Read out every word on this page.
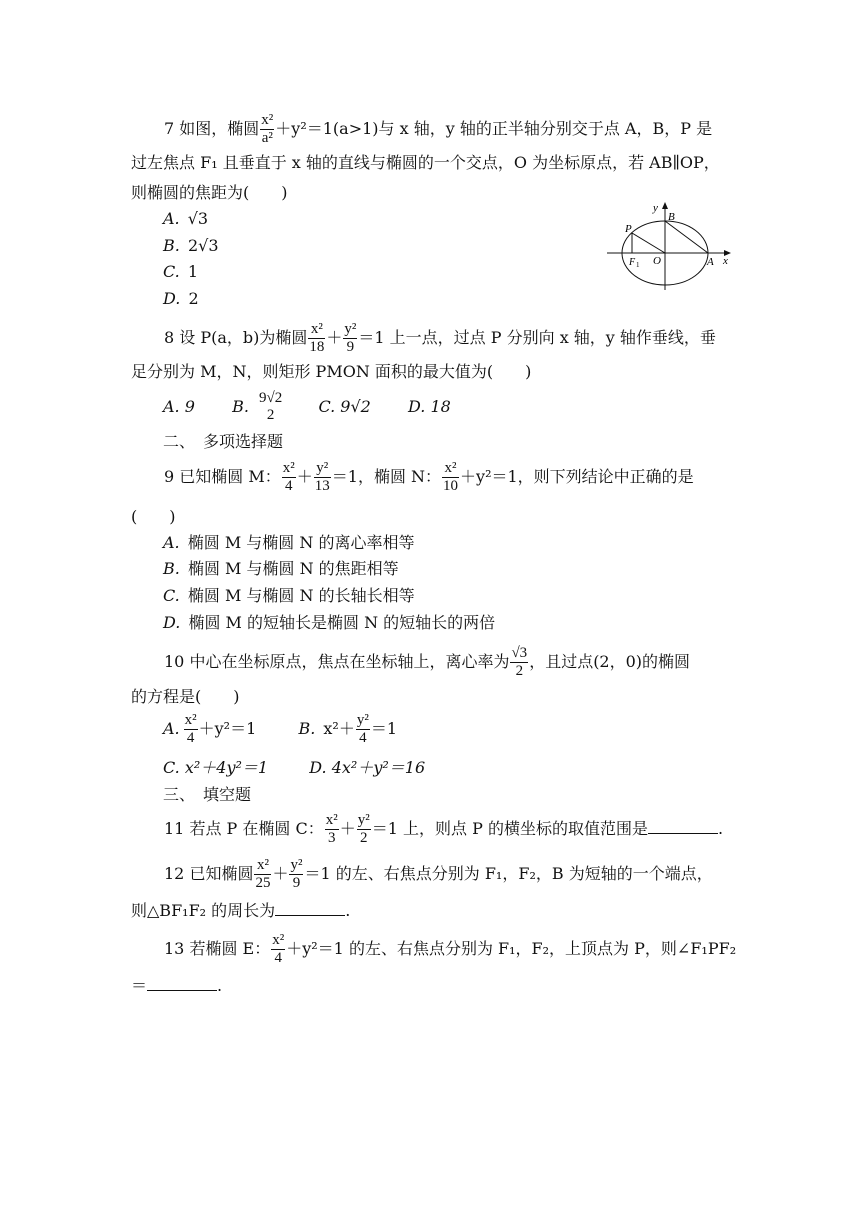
7 如图，椭圆 $\frac{\text{x²}}{\text{a²}} +y^2=1(a>1)$与 x 轴，y 轴的正半轴分别交于点 A，B，P 是
过左焦点 F₁ 且垂直于 x 轴的直线与椭圆的一个交点，O 为坐标原点，若 AB∥OP，
则椭圆的焦距为(　　)
A. √3
B. 2√3
C. 1
D. 2
y
B
P
F 1 O	A x
8 设 P(a，b)为椭圆 $\frac{\text{x²}}{18} + \frac{\text{y²}}{9} =1$ 上一点，过点 P 分别向 x 轴，y 轴作垂线，垂
足分别为 M，N，则矩形 PMON 面积的最大值为(　　)
A. 9 B. 9√2
2	C. 9√2 D. 18
二、　多项选择题
9 已知椭圆 M： $\frac{\text{x²}}{4} + \frac{\text{y²}}{13} =1$，椭圆 N： $\frac{\text{x²}}{10} +y^2=1$，则下列结论中正确的是
(　　)
A. 椭圆 M 与椭圆 N 的离心率相等
B. 椭圆 M 与椭圆 N 的焦距相等
C. 椭圆 M 与椭圆 N 的长轴长相等
D. 椭圆 M 的短轴长是椭圆 N 的短轴长的两倍
10 中心在坐标原点，焦点在坐标轴上，离心率为 $\frac{√3}{2}$ ，且过点(2，0)的椭圆
的方程是(　　)
A. $\frac{\text{x²}}{4} +y^2=1$	B. $x^2+ \frac{\text{y²}}{4} =1$
C. x²＋4y²＝1	D. 4x²＋y²＝16
三、　填空题
11 若点 P 在椭圆 C： $\frac{\text{x²}}{3} + \frac{\text{y²}}{2} =1$ 上，则点 P 的横坐标的取值范围是	.
12 已知椭圆 $\frac{\text{x²}}{25} + \frac{\text{y²}}{9} =1$ 的左、右焦点分别为 F₁，F₂，B 为短轴的一个端点，
则△BF₁F₂ 的周长为	.
13 若椭圆 E： $\frac{\text{x²}}{4} +y^2=1$ 的左、右焦点分别为 F₁，F₂，上顶点为 P，则∠F₁PF₂
＝	.
